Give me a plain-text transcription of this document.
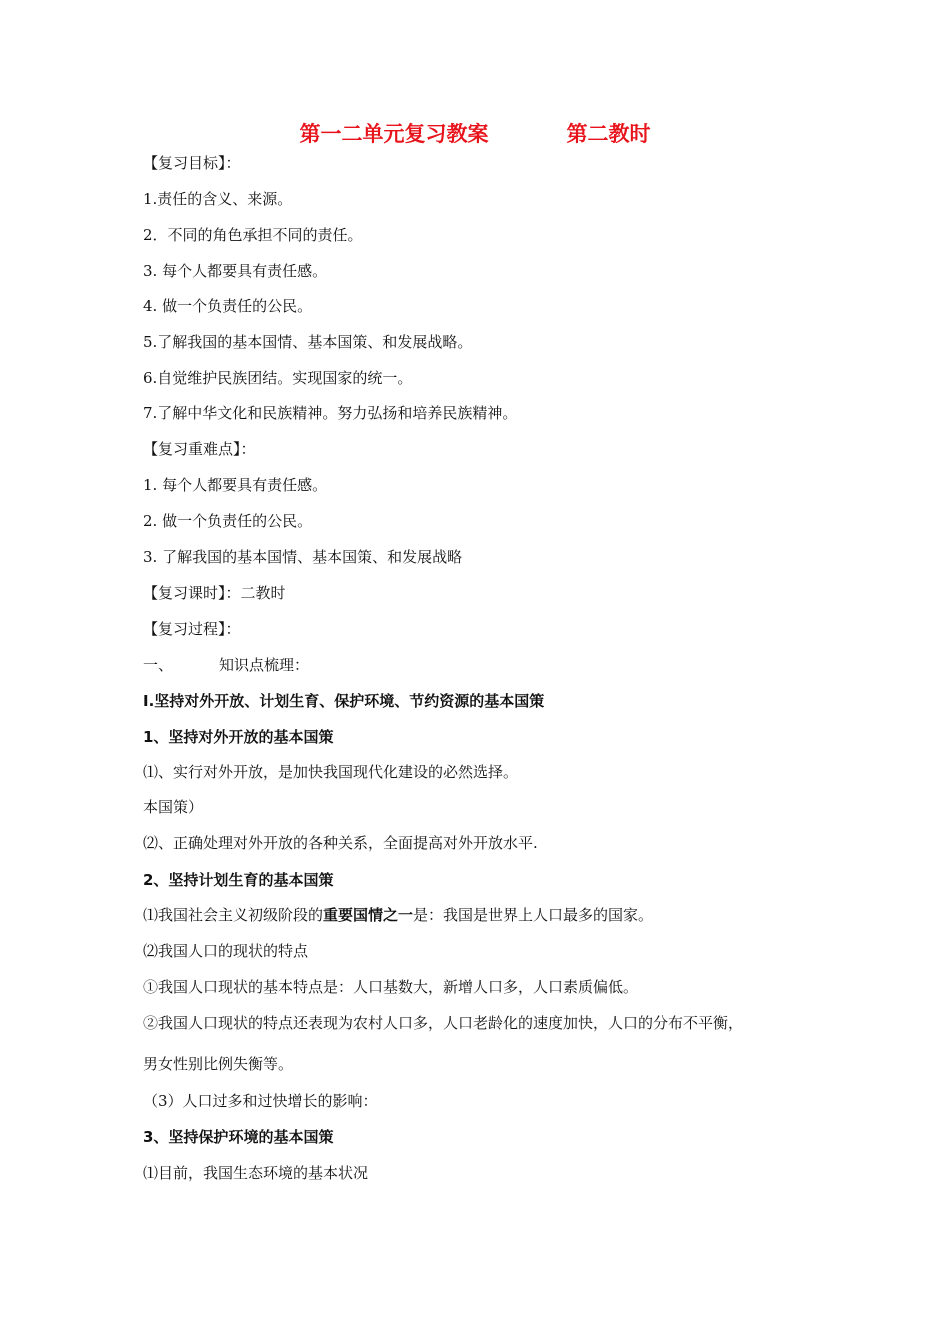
第一二单元复习教案	第二教时
【复习目标】：
1.责任的含义、来源。
2．不同的角色承担不同的责任。
3. 每个人都要具有责任感。
4. 做一个负责任的公民。
5.了解我国的基本国情、基本国策、和发展战略。
6.自觉维护民族团结。实现国家的统一。
7.了解中华文化和民族精神。努力弘扬和培养民族精神。
【复习重难点】：
1. 每个人都要具有责任感。
2. 做一个负责任的公民。
3. 了解我国的基本国情、基本国策、和发展战略
【复习课时】：二教时
【复习过程】：
一、	知识点梳理：
Ⅰ.坚持对外开放、计划生育、保护环境、节约资源的基本国策
1、坚持对外开放的基本国策
⑴、实行对外开放，是加快我国现代化建设的必然选择。
本国策）
⑵、正确处理对外开放的各种关系，全面提高对外开放水平.
2、坚持计划生育的基本国策
⑴我国社会主义初级阶段的重要国情之一是：我国是世界上人口最多的国家。
⑵我国人口的现状的特点
①我国人口现状的基本特点是：人口基数大，新增人口多，人口素质偏低。
②我国人口现状的特点还表现为农村人口多，人口老龄化的速度加快，人口的分布不平衡，
男女性别比例失衡等。
（3）人口过多和过快增长的影响：
3、坚持保护环境的基本国策
⑴目前，我国生态环境的基本状况
